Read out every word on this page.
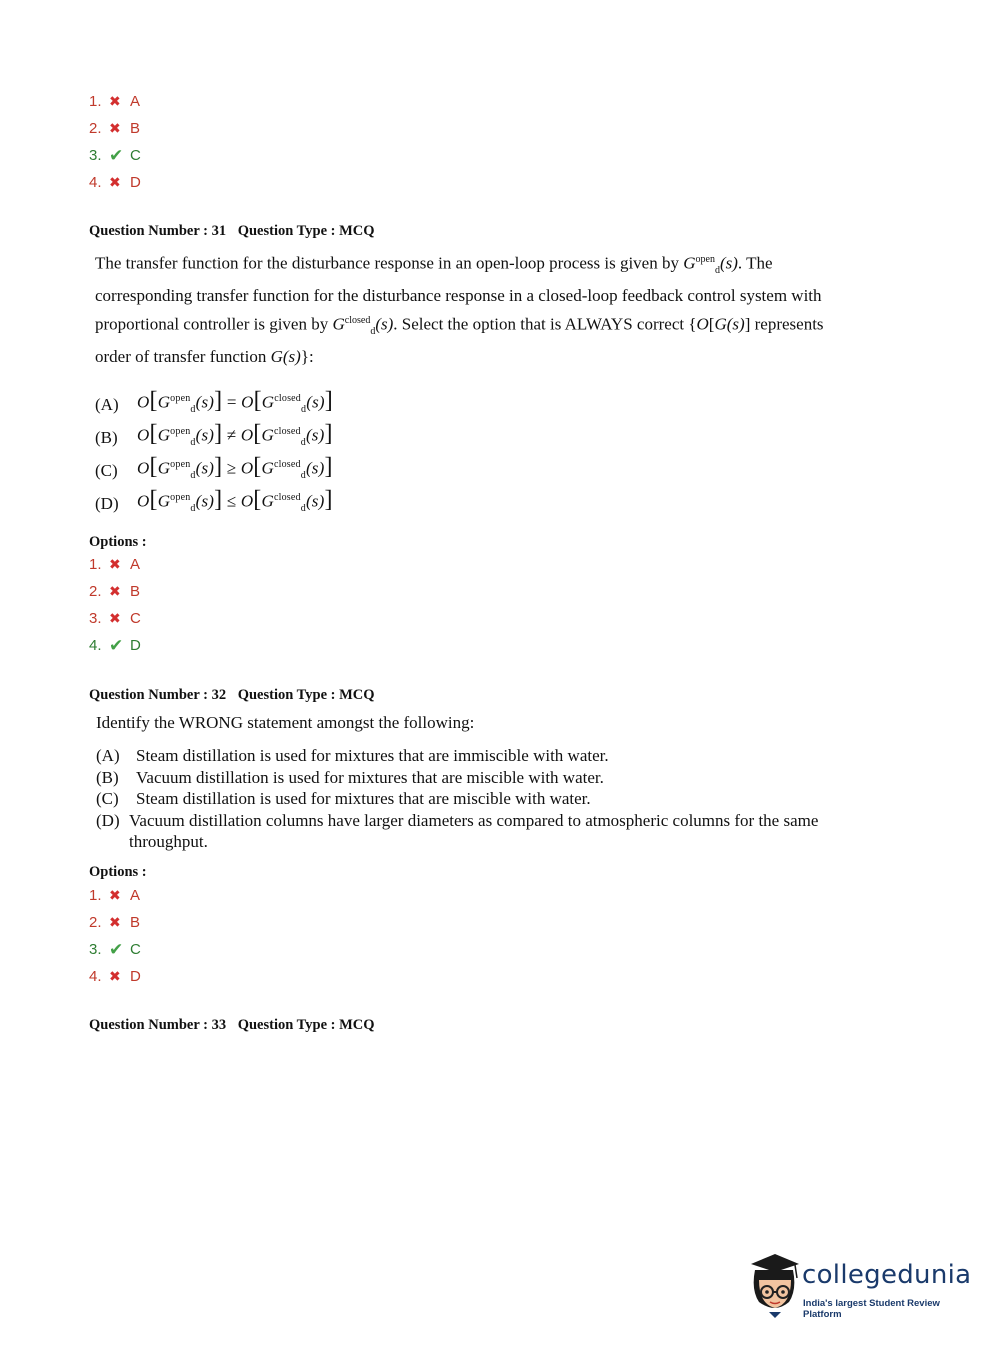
1. ✖ A
2. ✖ B
3. ✔ C
4. ✖ D
Question Number : 31 Question Type : MCQ
The transfer function for the disturbance response in an open-loop process is given by $G^{open}_d(s)$. The corresponding transfer function for the disturbance response in a closed-loop feedback control system with proportional controller is given by $G^{closed}_d(s)$. Select the option that is ALWAYS correct {O[G(s)] represents order of transfer function G(s)}:
(A)	$O[G^{open}_d(s)] = O[G^{closed}_d(s)]$
(B)	$O[G^{open}_d(s)] \ne O[G^{closed}_d(s)]$
(C)	$O[G^{open}_d(s)] \ge O[G^{closed}_d(s)]$
(D)	$O[G^{open}_d(s)] \le O[G^{closed}_d(s)]$
Options :
1. ✖ A
2. ✖ B
3. ✖ C
4. ✔ D
Question Number : 32 Question Type : MCQ
Identify the WRONG statement amongst the following:
(A) Steam distillation is used for mixtures that are immiscible with water.
(B)	Vacuum distillation is used for mixtures that are miscible with water.
(C)	Steam distillation is used for mixtures that are miscible with water.
(D) Vacuum distillation columns have larger diameters as compared to atmospheric columns for the same throughput.
Options :
1. ✖ A
2. ✖ B
3. ✔ C
4. ✖ D
Question Number : 33 Question Type : MCQ
collegedunia
India's largest Student Review Platform
